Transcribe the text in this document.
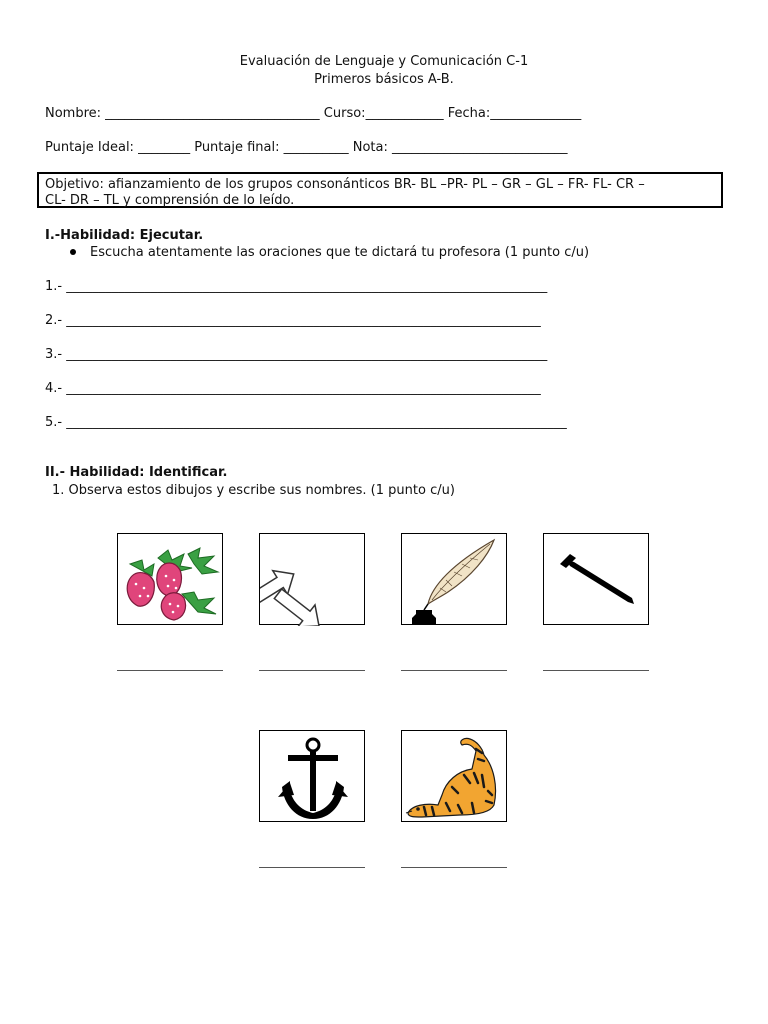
Evaluación de Lenguaje y Comunicación C-1
Primeros básicos A-B.
Nombre: _________________________________ Curso:____________ Fecha:______________
Puntaje Ideal: ________ Puntaje final: __________ Nota: ___________________________
Objetivo: afianzamiento de los grupos consonánticos BR- BL –PR- PL – GR – GL – FR- FL- CR –
CL- DR – TL y comprensión de lo leído.
I.-Habilidad: Ejecutar.
Escucha atentamente las oraciones que te dictará tu profesora (1 punto c/u)
1.- __________________________________________________________________________
2.- _________________________________________________________________________
3.- __________________________________________________________________________
4.- _________________________________________________________________________
5.- _____________________________________________________________________________
II.- Habilidad: Identificar.
1. Observa estos dibujos y escribe sus nombres. (1 punto c/u)
